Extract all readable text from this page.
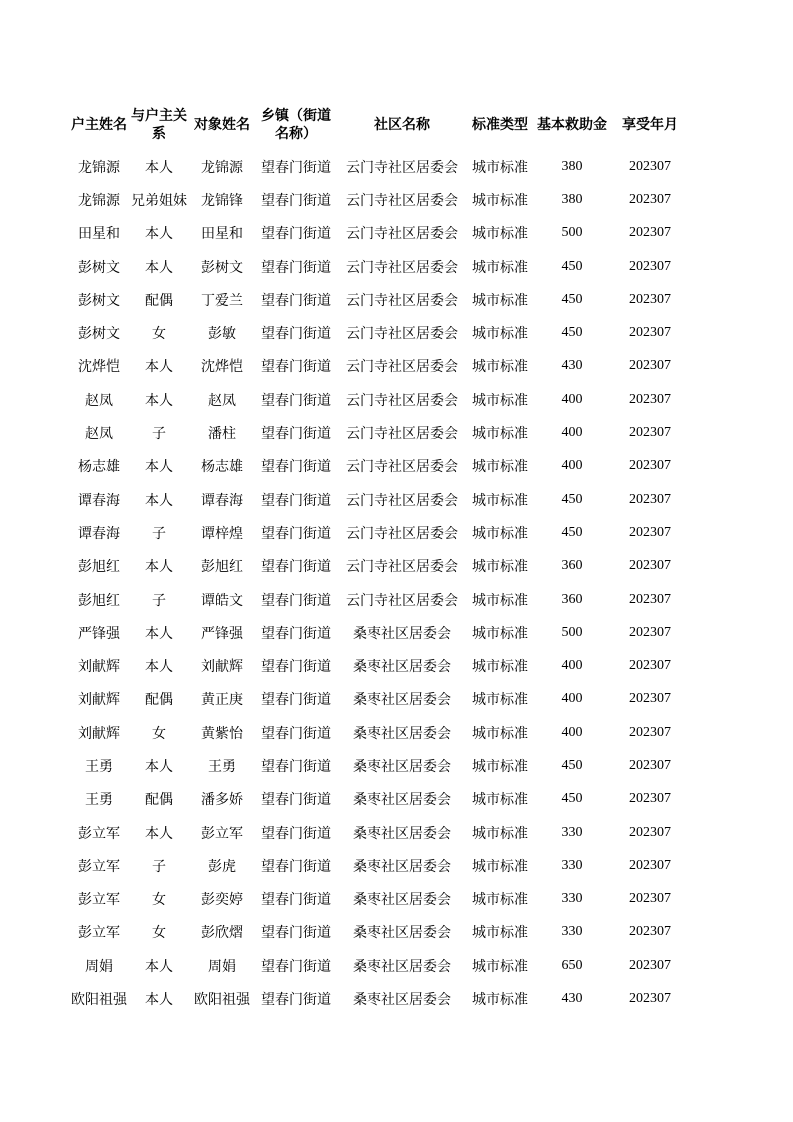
户主姓名	与户主关系	对象姓名	乡镇（街道名称）	社区名称	标准类型	基本救助金	享受年月
龙锦源	本人	龙锦源	望春门街道	云门寺社区居委会	城市标准	380	202307
龙锦源	兄弟姐妹	龙锦锋	望春门街道	云门寺社区居委会	城市标准	380	202307
田星和	本人	田星和	望春门街道	云门寺社区居委会	城市标准	500	202307
彭树文	本人	彭树文	望春门街道	云门寺社区居委会	城市标准	450	202307
彭树文	配偶	丁爱兰	望春门街道	云门寺社区居委会	城市标准	450	202307
彭树文	女	彭敏	望春门街道	云门寺社区居委会	城市标准	450	202307
沈烨恺	本人	沈烨恺	望春门街道	云门寺社区居委会	城市标准	430	202307
赵凤	本人	赵凤	望春门街道	云门寺社区居委会	城市标准	400	202307
赵凤	子	潘柱	望春门街道	云门寺社区居委会	城市标准	400	202307
杨志雄	本人	杨志雄	望春门街道	云门寺社区居委会	城市标准	400	202307
谭春海	本人	谭春海	望春门街道	云门寺社区居委会	城市标准	450	202307
谭春海	子	谭梓煌	望春门街道	云门寺社区居委会	城市标准	450	202307
彭旭红	本人	彭旭红	望春门街道	云门寺社区居委会	城市标准	360	202307
彭旭红	子	谭皓文	望春门街道	云门寺社区居委会	城市标准	360	202307
严锋强	本人	严锋强	望春门街道	桑枣社区居委会	城市标准	500	202307
刘献辉	本人	刘献辉	望春门街道	桑枣社区居委会	城市标准	400	202307
刘献辉	配偶	黄正庚	望春门街道	桑枣社区居委会	城市标准	400	202307
刘献辉	女	黄紫怡	望春门街道	桑枣社区居委会	城市标准	400	202307
王勇	本人	王勇	望春门街道	桑枣社区居委会	城市标准	450	202307
王勇	配偶	潘多娇	望春门街道	桑枣社区居委会	城市标准	450	202307
彭立军	本人	彭立军	望春门街道	桑枣社区居委会	城市标准	330	202307
彭立军	子	彭虎	望春门街道	桑枣社区居委会	城市标准	330	202307
彭立军	女	彭奕婷	望春门街道	桑枣社区居委会	城市标准	330	202307
彭立军	女	彭欣熠	望春门街道	桑枣社区居委会	城市标准	330	202307
周娟	本人	周娟	望春门街道	桑枣社区居委会	城市标准	650	202307
欧阳祖强	本人	欧阳祖强	望春门街道	桑枣社区居委会	城市标准	430	202307
